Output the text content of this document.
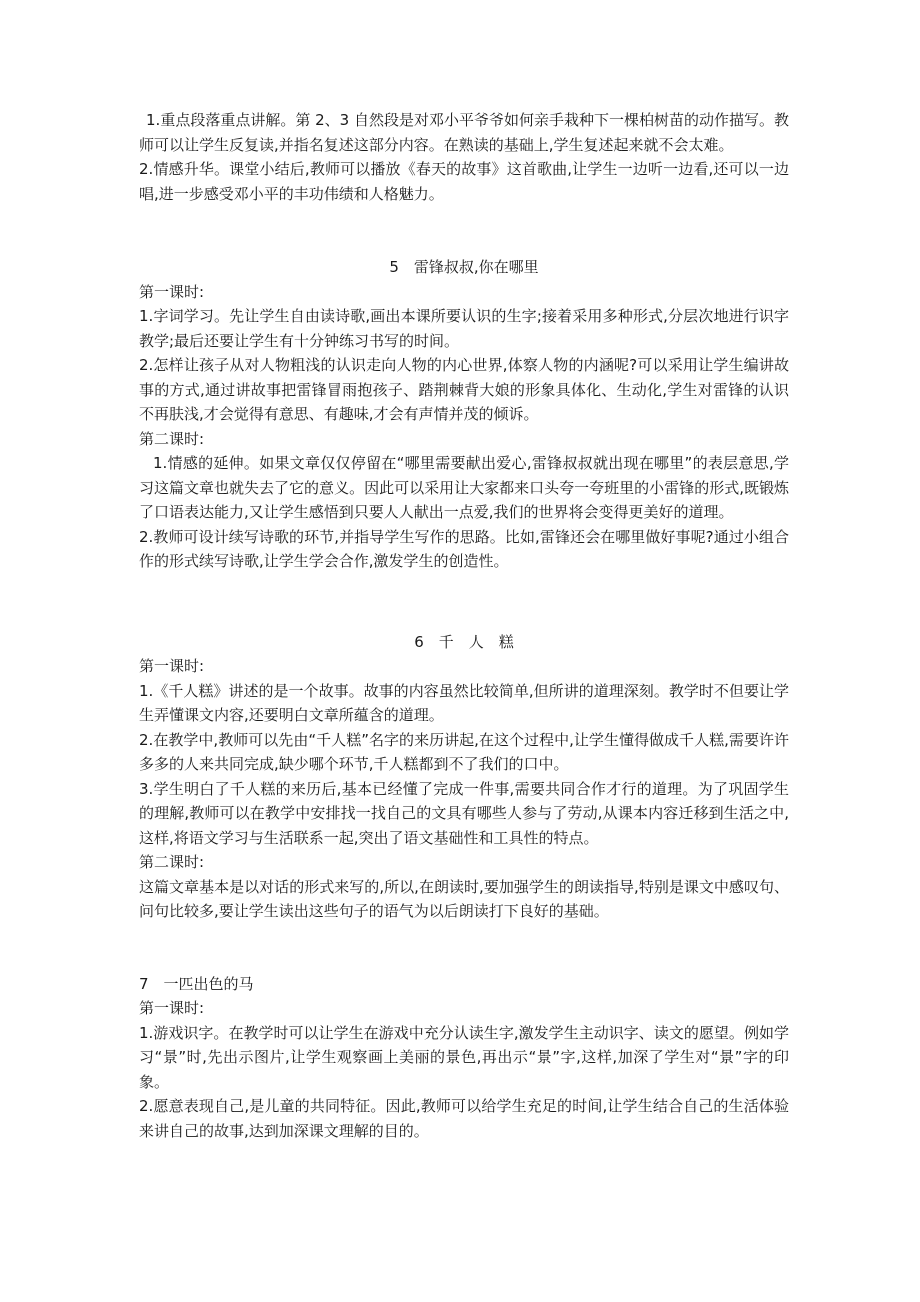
1.重点段落重点讲解。第 2、3 自然段是对邓小平爷爷如何亲手栽种下一棵柏树苗的动作描写。教师可以让学生反复读,并指名复述这部分内容。在熟读的基础上,学生复述起来就不会太难。

2.情感升华。课堂小结后,教师可以播放《春天的故事》这首歌曲,让学生一边听一边看,还可以一边唱,进一步感受邓小平的丰功伟绩和人格魅力。

5　雷锋叔叔,你在哪里

第一课时:

1.字词学习。先让学生自由读诗歌,画出本课所要认识的生字;接着采用多种形式,分层次地进行识字教学;最后还要让学生有十分钟练习书写的时间。

2.怎样让孩子从对人物粗浅的认识走向人物的内心世界,体察人物的内涵呢?可以采用让学生编讲故事的方式,通过讲故事把雷锋冒雨抱孩子、踏荆棘背大娘的形象具体化、生动化,学生对雷锋的认识不再肤浅,才会觉得有意思、有趣味,才会有声情并茂的倾诉。

第二课时:

1.情感的延伸。如果文章仅仅停留在“哪里需要献出爱心,雷锋叔叔就出现在哪里”的表层意思,学习这篇文章也就失去了它的意义。因此可以采用让大家都来口头夸一夸班里的小雷锋的形式,既锻炼了口语表达能力,又让学生感悟到只要人人献出一点爱,我们的世界将会变得更美好的道理。

2.教师可设计续写诗歌的环节,并指导学生写作的思路。比如,雷锋还会在哪里做好事呢?通过小组合作的形式续写诗歌,让学生学会合作,激发学生的创造性。

6　千　人　糕

第一课时:

1.《千人糕》讲述的是一个故事。故事的内容虽然比较简单,但所讲的道理深刻。教学时不但要让学生弄懂课文内容,还要明白文章所蕴含的道理。

2.在教学中,教师可以先由“千人糕”名字的来历讲起,在这个过程中,让学生懂得做成千人糕,需要许许多多的人来共同完成,缺少哪个环节,千人糕都到不了我们的口中。

3.学生明白了千人糕的来历后,基本已经懂了完成一件事,需要共同合作才行的道理。为了巩固学生的理解,教师可以在教学中安排找一找自己的文具有哪些人参与了劳动,从课本内容迁移到生活之中,这样,将语文学习与生活联系一起,突出了语文基础性和工具性的特点。

第二课时:

这篇文章基本是以对话的形式来写的,所以,在朗读时,要加强学生的朗读指导,特别是课文中感叹句、问句比较多,要让学生读出这些句子的语气为以后朗读打下良好的基础。

7　一匹出色的马

第一课时:

1.游戏识字。在教学时可以让学生在游戏中充分认读生字,激发学生主动识字、读文的愿望。例如学习“景”时,先出示图片,让学生观察画上美丽的景色,再出示“景”字,这样,加深了学生对“景”字的印象。

2.愿意表现自己,是儿童的共同特征。因此,教师可以给学生充足的时间,让学生结合自己的生活体验来讲自己的故事,达到加深课文理解的目的。
